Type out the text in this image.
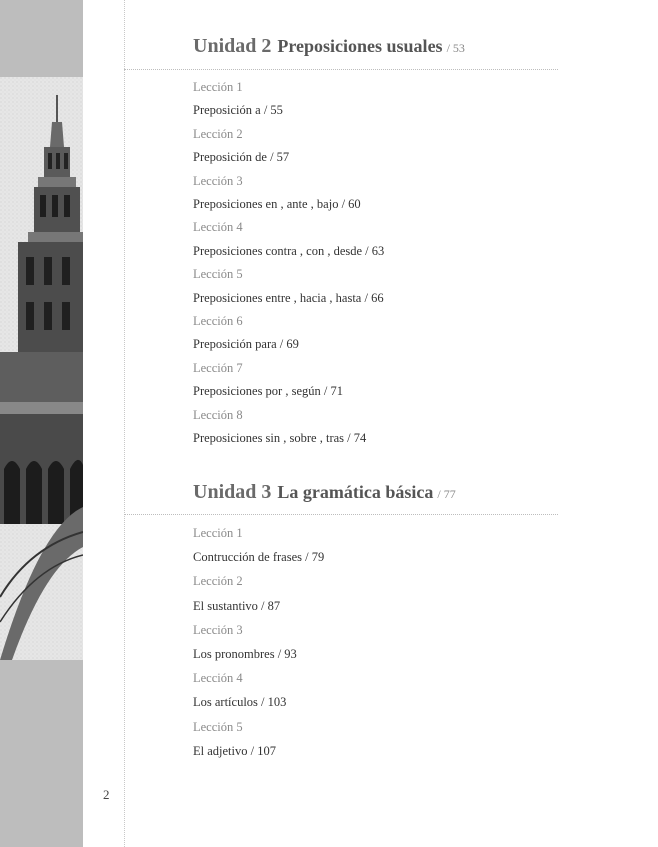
Unidad 2 Preposiciones usuales / 53
Lección 1
Preposición a / 55
Lección 2
Preposición de / 57
Lección 3
Preposiciones en , ante , bajo / 60
Lección 4
Preposiciones contra , con , desde / 63
Lección 5
Preposiciones entre , hacia , hasta / 66
Lección 6
Preposición para / 69
Lección 7
Preposiciones por , según / 71
Lección 8
Preposiciones sin , sobre , tras / 74
Unidad 3 La gramática básica / 77
Lección 1
Contrucción de frases / 79
Lección 2
El sustantivo / 87
Lección 3
Los pronombres / 93
Lección 4
Los artículos / 103
Lección 5
El adjetivo / 107
2
